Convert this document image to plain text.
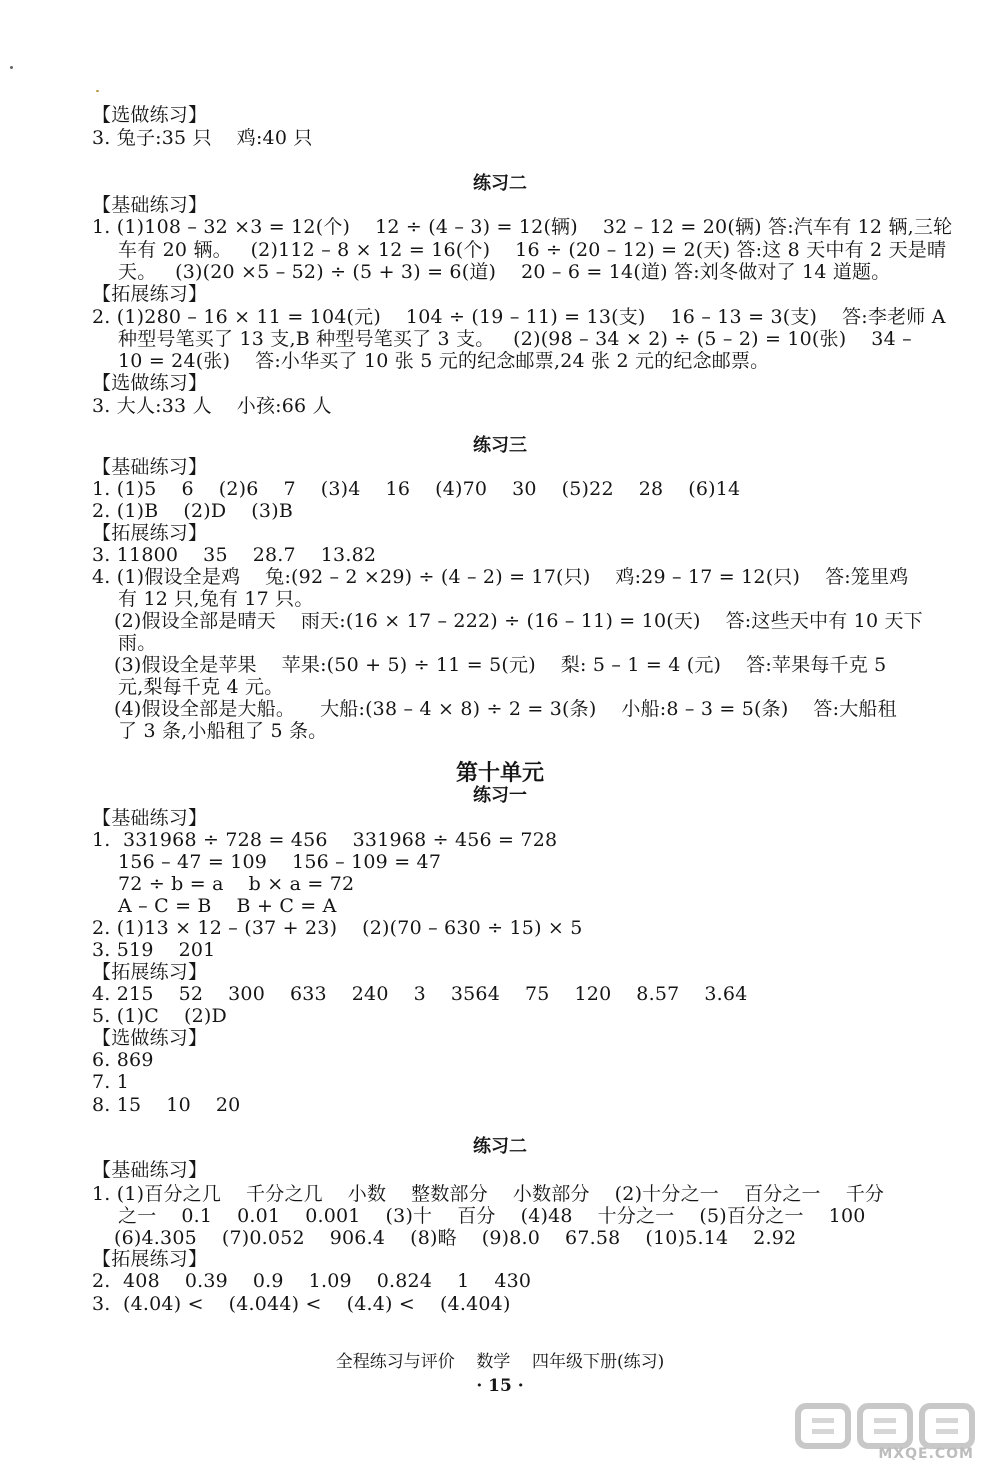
【选做练习】
3. 兔子:35 只    鸡:40 只
练习二
【基础练习】
1. (1)108 – 32 ×3 = 12(个)    12 ÷ (4 – 3) = 12(辆)    32 – 12 = 20(辆) 答:汽车有 12 辆,三轮
车有 20 辆。   (2)112 – 8 × 12 = 16(个)    16 ÷ (20 – 12) = 2(天) 答:这 8 天中有 2 天是晴
天。   (3)(20 ×5 – 52) ÷ (5 + 3) = 6(道)    20 – 6 = 14(道) 答:刘冬做对了 14 道题。
【拓展练习】
2. (1)280 – 16 × 11 = 104(元)    104 ÷ (19 – 11) = 13(支)    16 – 13 = 3(支)    答:李老师 A
种型号笔买了 13 支,B 种型号笔买了 3 支。   (2)(98 – 34 × 2) ÷ (5 – 2) = 10(张)    34 –
10 = 24(张)    答:小华买了 10 张 5 元的纪念邮票,24 张 2 元的纪念邮票。
【选做练习】
3. 大人:33 人    小孩:66 人
练习三
【基础练习】
1. (1)5    6    (2)6    7    (3)4    16    (4)70    30    (5)22    28    (6)14
2. (1)B    (2)D    (3)B
【拓展练习】
3. 11800    35    28.7    13.82
4. (1)假设全是鸡    兔:(92 – 2 ×29) ÷ (4 – 2) = 17(只)    鸡:29 – 17 = 12(只)    答:笼里鸡
有 12 只,兔有 17 只。
(2)假设全部是晴天    雨天:(16 × 17 – 222) ÷ (16 – 11) = 10(天)    答:这些天中有 10 天下
雨。
(3)假设全是苹果    苹果:(50 + 5) ÷ 11 = 5(元)    梨: 5 – 1 = 4 (元)    答:苹果每千克 5
元,梨每千克 4 元。
(4)假设全部是大船。    大船:(38 – 4 × 8) ÷ 2 = 3(条)    小船:8 – 3 = 5(条)    答:大船租
了 3 条,小船租了 5 条。
第十单元
练习一
【基础练习】
1.  331968 ÷ 728 = 456    331968 ÷ 456 = 728
156 – 47 = 109    156 – 109 = 47
72 ÷ b = a    b × a = 72
A – C = B    B + C = A
2. (1)13 × 12 – (37 + 23)    (2)(70 – 630 ÷ 15) × 5
3. 519    201
【拓展练习】
4. 215    52    300    633    240    3    3564    75    120    8.57    3.64
5. (1)C    (2)D
【选做练习】
6. 869
7. 1
8. 15    10    20
练习二
【基础练习】
1. (1)百分之几    千分之几    小数    整数部分    小数部分    (2)十分之一    百分之一    千分
之一    0.1    0.01    0.001    (3)十    百分    (4)48    十分之一    (5)百分之一    100
(6)4.305    (7)0.052    906.4    (8)略    (9)8.0    67.58    (10)5.14    2.92
【拓展练习】
2.  408    0.39    0.9    1.09    0.824    1    430
3.  (4.04) <    (4.044) <    (4.4) <    (4.404)
全程练习与评价    数学    四年级下册(练习)
· 15 ·
MXQE.COM
